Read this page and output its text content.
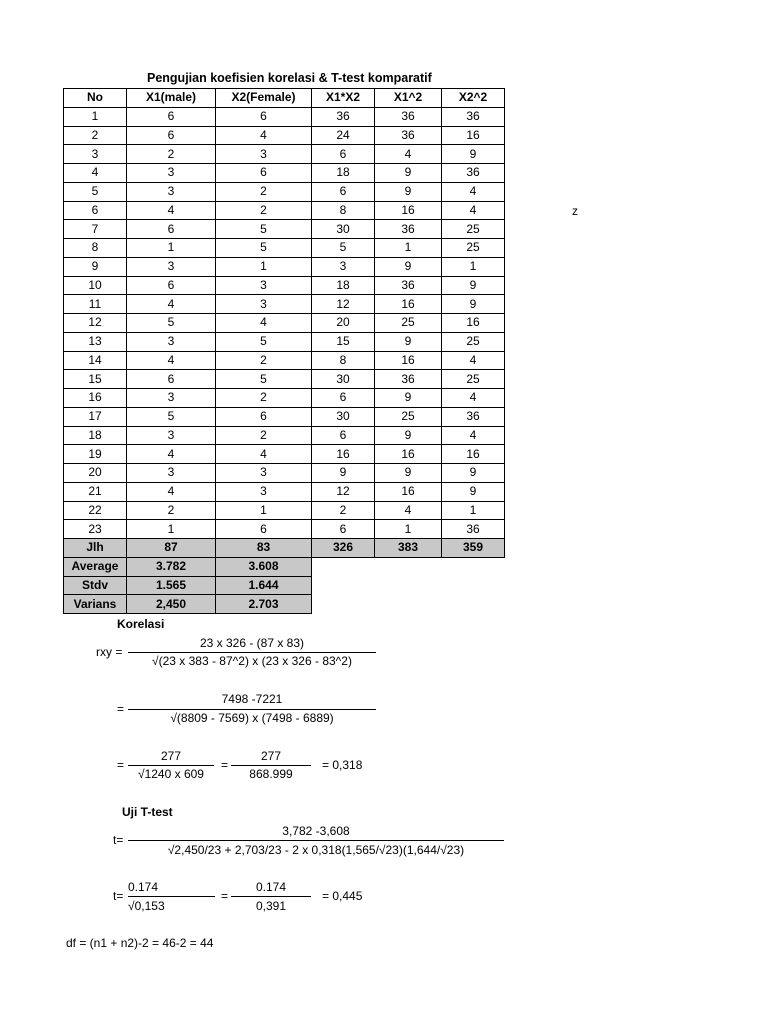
Pengujian koefisien korelasi & T-test komparatif
No	X1(male)	X2(Female)	X1*X2	X1^2	X2^2
1	6	6	36	36	36
2	6	4	24	36	16
3	2	3	6	4	9
4	3	6	18	9	36
5	3	2	6	9	4
6	4	2	8	16	4
7	6	5	30	36	25
8	1	5	5	1	25
9	3	1	3	9	1
10	6	3	18	36	9
11	4	3	12	16	9
12	5	4	20	25	16
13	3	5	15	9	25
14	4	2	8	16	4
15	6	5	30	36	25
16	3	2	6	9	4
17	5	6	30	25	36
18	3	2	6	9	4
19	4	4	16	16	16
20	3	3	9	9	9
21	4	3	12	16	9
22	2	1	2	4	1
23	1	6	6	1	36
Jlh	87	83	326	383	359
Average	3.782	3.608			
Stdv	1.565	1.644			
Varians	2,450	2.703			
z
Korelasi
rxy =
23 x 326 - (87 x 83)
√(23 x 383 - 87^2) x (23 x 326 - 83^2)
=
7498 -7221
√(8809 - 7569) x (7498 - 6889)
=
277
√1240 x 609
=
277
868.999
= 0,318
Uji T-test
t=
3,782 -3,608
√2,450/23 + 2,703/23 - 2 x 0,318(1,565/√23)(1,644/√23)
t=
0.174
√0,153
=
0.174
0,391
= 0,445
df = (n1 + n2)-2 = 46-2 = 44
